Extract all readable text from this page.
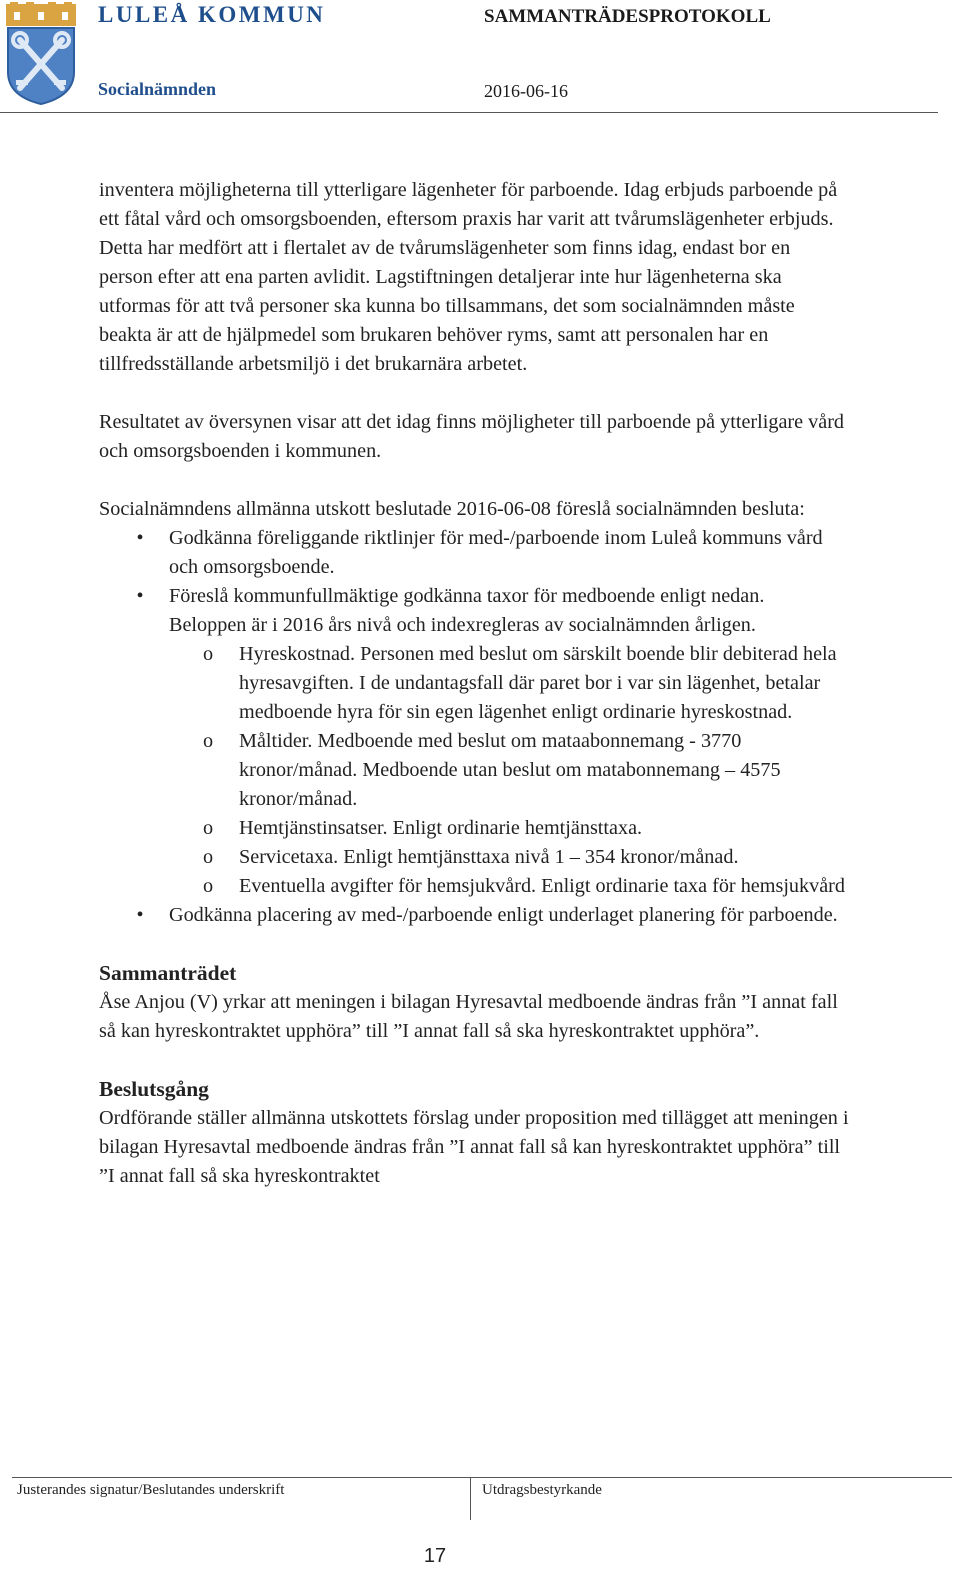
LULEÅ KOMMUN
Socialnämnden
SAMMANTRÄDESPROTOKOLL
2016-06-16

inventera möjligheterna till ytterligare lägenheter för parboende. Idag erbjuds parboende på ett fåtal vård och omsorgsboenden, eftersom praxis har varit att tvårumslägenheter erbjuds. Detta har medfört att i flertalet av de tvårumslägenheter som finns idag, endast bor en person efter att ena parten avlidit. Lagstiftningen detaljerar inte hur lägenheterna ska utformas för att två personer ska kunna bo tillsammans, det som socialnämnden måste beakta är att de hjälpmedel som brukaren behöver ryms, samt att personalen har en tillfredsställande arbetsmiljö i det brukarnära arbetet.

Resultatet av översynen visar att det idag finns möjligheter till parboende på ytterligare vård och omsorgsboenden i kommunen.

Socialnämndens allmänna utskott beslutade 2016-06-08 föreslå socialnämnden besluta:

• Godkänna föreliggande riktlinjer för med-/parboende inom Luleå kommuns vård och omsorgsboende.
• Föreslå kommunfullmäktige godkänna taxor för medboende enligt nedan.
Beloppen är i 2016 års nivå och indexregleras av socialnämnden årligen.
o Hyreskostnad. Personen med beslut om särskilt boende blir debiterad hela hyresavgiften. I de undantagsfall där paret bor i var sin lägenhet, betalar medboende hyra för sin egen lägenhet enligt ordinarie hyreskostnad.
o Måltider. Medboende med beslut om mataabonnemang - 3770 kronor/månad. Medboende utan beslut om matabonnemang – 4575 kronor/månad.
o Hemtjänstinsatser. Enligt ordinarie hemtjänsttaxa.
o Servicetaxa. Enligt hemtjänsttaxa nivå 1 – 354 kronor/månad.
o Eventuella avgifter för hemsjukvård. Enligt ordinarie taxa för hemsjukvård
• Godkänna placering av med-/parboende enligt underlaget planering för parboende.
Sammanträdet

Åse Anjou (V) yrkar att meningen i bilagan Hyresavtal medboende ändras från ”I annat fall så kan hyreskontraktet upphöra” till ”I annat fall så ska hyreskontraktet upphöra”.

Beslutsgång

Ordförande ställer allmänna utskottets förslag under proposition med tillägget att meningen i bilagan Hyresavtal medboende ändras från ”I annat fall så kan hyreskontraktet upphöra” till ”I annat fall så ska hyreskontraktet

Justerandes signatur/Beslutandes underskrift	Utdragsbestyrkande
17
